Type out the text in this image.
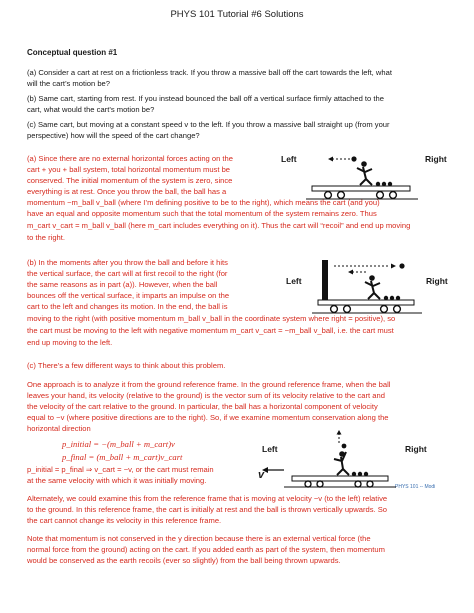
PHYS 101 Tutorial #6 Solutions
Conceptual question #1
(a) Consider a cart at rest on a frictionless track. If you throw a massive ball off the cart towards the left, what
will the cart’s motion be?
(b) Same cart, starting from rest. If you instead bounced the ball off a vertical surface firmly attached to the
cart, what would the cart’s motion be?
(c) Same cart, but moving at a constant speed v to the left. If you throw a massive ball straight up (from your
perspective) how will the speed of the cart change?
(a) Since there are no external horizontal forces acting on the
cart + you + ball system, total horizontal momentum must be
conserved. The initial momentum of the system is zero, since
everything is at rest. Once you throw the ball, the ball has a
momentum −m_ball v_ball (where I’m defining positive to be to the right), which means the cart (and you)
have an equal and opposite momentum such that the total momentum of the system remains zero. Thus
m_cart v_cart = m_ball v_ball (here m_cart includes everything on it). Thus the cart will “recoil” and end up moving
to the right.
Left	Right
(b) In the moments after you throw the ball and before it hits
the vertical surface, the cart will at first recoil to the right (for
the same reasons as in part (a)). However, when the ball
bounces off the vertical surface, it imparts an impulse on the
cart to the left and changes its motion. In the end, the ball is
moving to the right (with positive momentum m_ball v_ball in the coordinate system where right = positive), so
the cart must be moving to the left with negative momentum m_cart v_cart = −m_ball v_ball, i.e. the cart must
end up moving to the left.
Left	Right
(c) There’s a few different ways to think about this problem.
One approach is to analyze it from the ground reference frame. In the ground reference frame, when the ball
leaves your hand, its velocity (relative to the ground) is the vector sum of its velocity relative to the cart and
the velocity of the cart relative to the ground. In particular, the ball has a horizontal component of velocity
equal to −v (where positive directions are to the right). So, if we examine momentum conservation along the
horizontal direction
p_initial = −(m_ball + m_cart)v
p_final = (m_ball + m_cart)v_cart
p_initial = p_final ⇒ v_cart = −v, or the cart must remain
at the same velocity with which it was initially moving.
Alternately, we could examine this from the reference frame that is moving at velocity −v (to the left) relative
to the ground. In this reference frame, the cart is initially at rest and the ball is thrown vertically upwards. So
the cart cannot change its velocity in this reference frame.
Note that momentum is not conserved in the y direction because there is an external vertical force (the
normal force from the ground) acting on the cart. If you added earth as part of the system, then momentum
would be conserved as the earth recoils (ever so slightly) from the ball being thrown upwards.
Left	Right
v
PHYS 101 -- Modi
